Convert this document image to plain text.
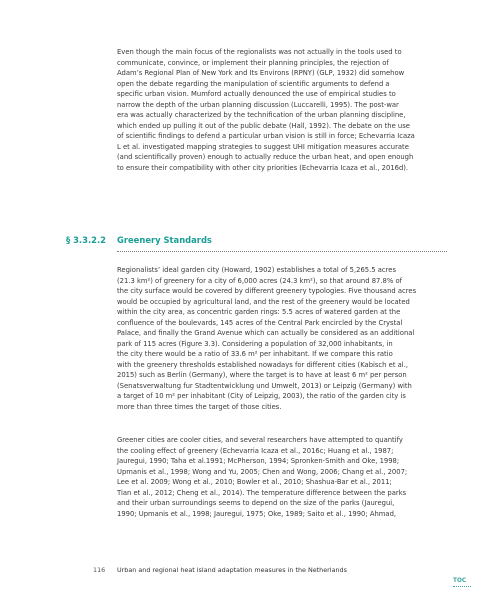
Even though the main focus of the regionalists was not actually in the tools used to
communicate, convince, or implement their planning principles, the rejection of
Adam’s Regional Plan of New York and Its Environs (RPNY) (GLP, 1932) did somehow
open the debate regarding the manipulation of scientific arguments to defend a
specific urban vision. Mumford actually denounced the use of empirical studies to
narrow the depth of the urban planning discussion (Luccarelli, 1995). The post-war
era was actually characterized by the technification of the urban planning discipline,
which ended up pulling it out of the public debate (Hall, 1992). The debate on the use
of scientific findings to defend a particular urban vision is still in force; Echevarria Icaza
L et al. investigated mapping strategies to suggest UHI mitigation measures accurate
(and scientifically proven) enough to actually reduce the urban heat, and open enough
to ensure their compatibility with other city priorities (Echevarria Icaza et al., 2016d).
§ 3.3.2.2 Greenery Standards
Regionalists’ ideal garden city (Howard, 1902) establishes a total of 5,265.5 acres
(21.3 km²) of greenery for a city of 6,000 acres (24.3 km²), so that around 87.8% of
the city surface would be covered by different greenery typologies. Five thousand acres
would be occupied by agricultural land, and the rest of the greenery would be located
within the city area, as concentric garden rings: 5.5 acres of watered garden at the
confluence of the boulevards, 145 acres of the Central Park encircled by the Crystal
Palace, and finally the Grand Avenue which can actually be considered as an additional
park of 115 acres (Figure 3.3). Considering a population of 32,000 inhabitants, in
the city there would be a ratio of 33.6 m² per inhabitant. If we compare this ratio
with the greenery thresholds established nowadays for different cities (Kabisch et al.,
2015) such as Berlin (Germany), where the target is to have at least 6 m² per person
(Senatsverwaltung fur Stadtentwicklung und Umwelt, 2013) or Leipzig (Germany) with
a target of 10 m² per inhabitant (City of Leipzig, 2003), the ratio of the garden city is
more than three times the target of those cities.
Greener cities are cooler cities, and several researchers have attempted to quantify
the cooling effect of greenery (Echevarria Icaza et al., 2016c; Huang et al., 1987;
Jauregui, 1990; Taha et al.1991; McPherson, 1994; Spronken-Smith and Oke, 1998;
Upmanis et al., 1998; Wong and Yu, 2005; Chen and Wong, 2006; Chang et al., 2007;
Lee et al. 2009; Wong et al., 2010; Bowler et al., 2010; Shashua-Bar et al., 2011;
Tian et al., 2012; Cheng et al., 2014). The temperature difference between the parks
and their urban surroundings seems to depend on the size of the parks (Jauregui,
1990; Upmanis et al., 1998; Jauregui, 1975; Oke, 1989; Saito et al., 1990; Ahmad,
116 Urban and regional heat island adaptation measures in the Netherlands
TOC
